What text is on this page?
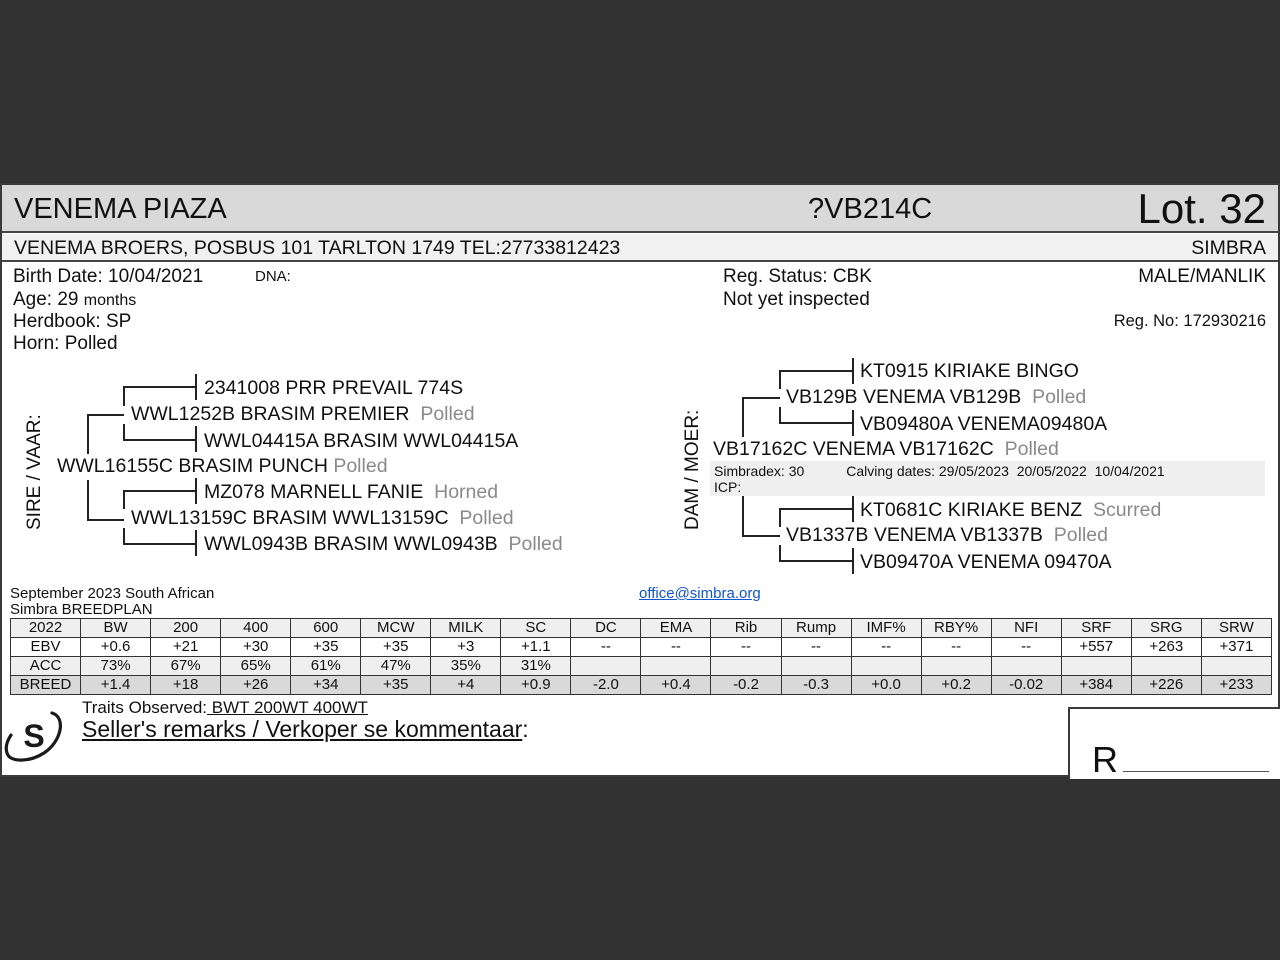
VENEMA PIAZA	?VB214C	Lot. 32
VENEMA BROERS, POSBUS 101 TARLTON 1749 TEL:27733812423	SIMBRA
Birth Date: 10/04/2021	DNA:
Age: 29 months
Herdbook: SP
Horn: Polled
Reg. Status: CBK
Not yet inspected
MALE/MANLIK
Reg. No: 172930216
SIRE / VAAR:
2341008 PRR PREVAIL 774S
WWL1252B BRASIM PREMIER Polled
WWL04415A BRASIM WWL04415A
WWL16155C BRASIM PUNCH Polled
MZ078 MARNELL FANIE Horned
WWL13159C BRASIM WWL13159C Polled
WWL0943B BRASIM WWL0943B Polled
DAM / MOER:
KT0915 KIRIAKE BINGO
VB129B VENEMA VB129B Polled
VB09480A VENEMA09480A
VB17162C VENEMA VB17162C Polled
Simbradex: 30	Calving dates: 29/05/2023  20/05/2022  10/04/2021
ICP:
KT0681C KIRIAKE BENZ Scurred
VB1337B VENEMA VB1337B Polled
VB09470A VENEMA 09470A
September 2023 South African
Simbra BREEDPLAN
office@simbra.org
2022	BW	200	400	600	MCW	MILK	SC	DC	EMA	Rib	Rump	IMF%	RBY%	NFI	SRF	SRG	SRW
EBV	+0.6	+21	+30	+35	+35	+3	+1.1	--	--	--	--	--	--	--	+557	+263	+371
ACC	73%	67%	65%	61%	47%	35%	31%										
BREED	+1.4	+18	+26	+34	+35	+4	+0.9	-2.0	+0.4	-0.2	-0.3	+0.0	+0.2	-0.02	+384	+226	+233
S
Traits Observed: BWT 200WT 400WT
Seller's remarks / Verkoper se kommentaar:
R
